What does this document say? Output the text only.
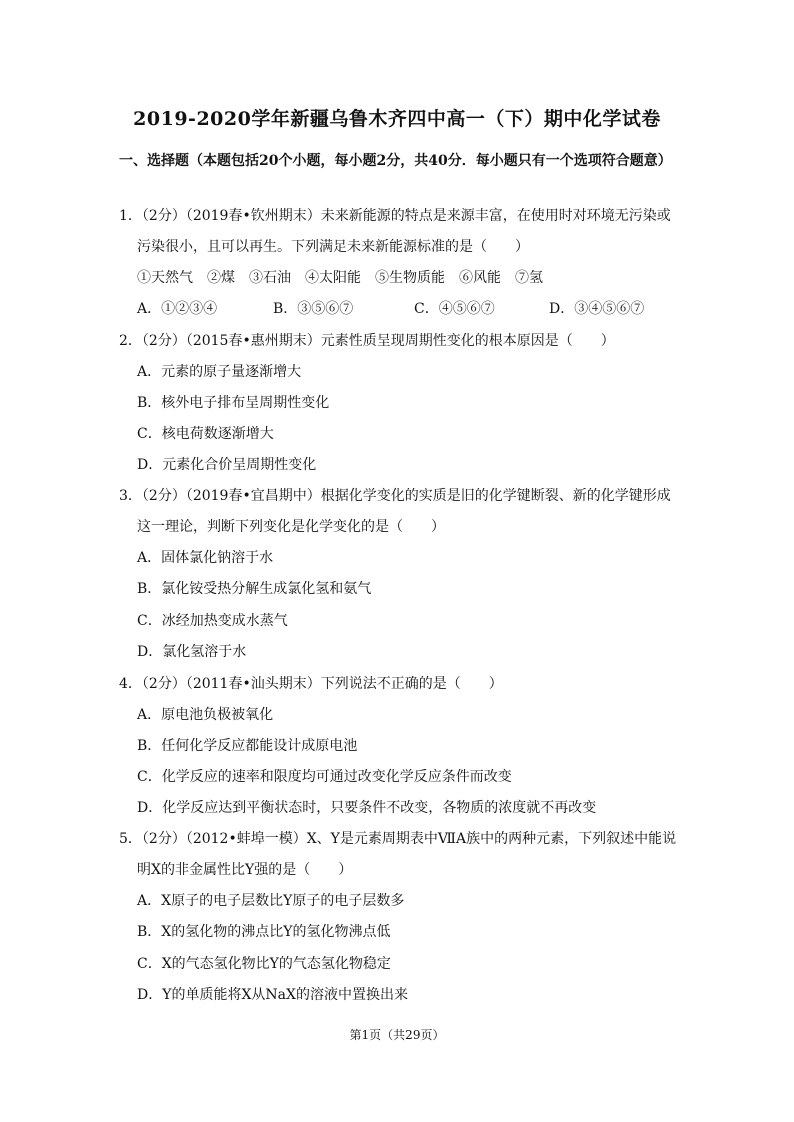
2019-2020学年新疆乌鲁木齐四中高一（下）期中化学试卷
一、选择题（本题包括20个小题，每小题2分，共40分．每小题只有一个选项符合题意）
1．（2分）（2019春•钦州期末）未来新能源的特点是来源丰富，在使用时对环境无污染或
污染很小，且可以再生。下列满足未来新能源标准的是（　　）
①天然气　②煤　③石油　④太阳能　⑤生物质能　⑥风能　⑦氢
A．①②③④	B．③⑤⑥⑦	C．④⑤⑥⑦	D．③④⑤⑥⑦
2．（2分）（2015春•惠州期末）元素性质呈现周期性变化的根本原因是（　　）
A．元素的原子量逐渐增大
B．核外电子排布呈周期性变化
C．核电荷数逐渐增大
D．元素化合价呈周期性变化
3．（2分）（2019春•宜昌期中）根据化学变化的实质是旧的化学键断裂、新的化学键形成
这一理论，判断下列变化是化学变化的是（　　）
A．固体氯化钠溶于水
B．氯化铵受热分解生成氯化氢和氨气
C．冰经加热变成水蒸气
D．氯化氢溶于水
4．（2分）（2011春•汕头期末）下列说法不正确的是（　　）
A．原电池负极被氧化
B．任何化学反应都能设计成原电池
C．化学反应的速率和限度均可通过改变化学反应条件而改变
D．化学反应达到平衡状态时，只要条件不改变，各物质的浓度就不再改变
5．（2分）（2012•蚌埠一模）X、Y是元素周期表中ⅦA族中的两种元素，下列叙述中能说
明X的非金属性比Y强的是（　　）
A．X原子的电子层数比Y原子的电子层数多
B．X的氢化物的沸点比Y的氢化物沸点低
C．X的气态氢化物比Y的气态氢化物稳定
D．Y的单质能将X从NaX的溶液中置换出来
第1页（共29页）
